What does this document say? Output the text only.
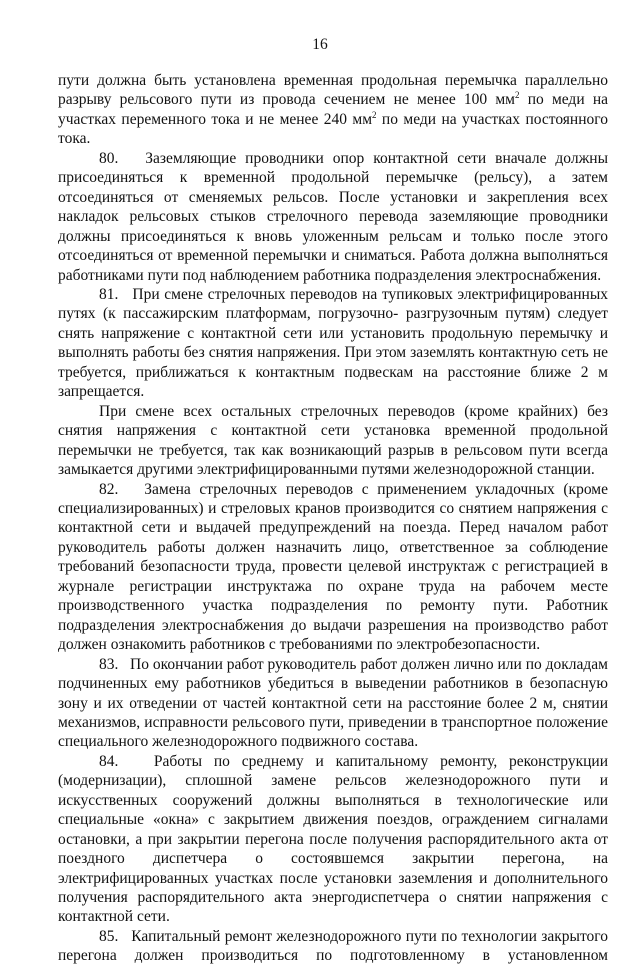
16

пути должна быть установлена временная продольная перемычка параллельно разрыву рельсового пути из провода сечением не менее 100 $мм^2$ по меди на участках переменного тока и не менее 240 $мм^2$ по меди на участках постоянного тока.

80.   Заземляющие проводники опор контактной сети вначале должны присоединяться к временной продольной перемычке (рельсу), а затем отсоединяться от сменяемых рельсов. После установки и закрепления всех накладок рельсовых стыков стрелочного перевода заземляющие проводники должны присоединяться к вновь уложенным рельсам и только после этого отсоединяться от временной перемычки и сниматься. Работа должна выполняться работниками пути под наблюдением работника подразделения электроснабжения.

81.   При смене стрелочных переводов на тупиковых электрифицированных путях (к пассажирским платформам, погрузочно- разгрузочным путям) следует снять напряжение с контактной сети или установить продольную перемычку и выполнять работы без снятия напряжения. При этом заземлять контактную сеть не требуется, приближаться к контактным подвескам на расстояние ближе 2 м запрещается.

При смене всех остальных стрелочных переводов (кроме крайних) без снятия напряжения с контактной сети установка временной продольной перемычки не требуется, так как возникающий разрыв в рельсовом пути всегда замыкается другими электрифицированными путями железнодорожной станции.

82.   Замена стрелочных переводов с применением укладочных (кроме специализированных) и стреловых кранов производится со снятием напряжения с контактной сети и выдачей предупреждений на поезда. Перед началом работ руководитель работы должен назначить лицо, ответственное за соблюдение требований безопасности труда, провести целевой инструктаж с регистрацией в журнале регистрации инструктажа по охране труда на рабочем месте производственного участка подразделения по ремонту пути. Работник подразделения электроснабжения до выдачи разрешения на производство работ должен ознакомить работников с требованиями по электробезопасности.

83.   По окончании работ руководитель работ должен лично или по докладам подчиненных ему работников убедиться в выведении работников в безопасную зону и их отведении от частей контактной сети на расстояние более 2 м, снятии механизмов, исправности рельсового пути, приведении в транспортное положение специального железнодорожного подвижного состава.

84.   Работы по среднему и капитальному ремонту, реконструкции (модернизации), сплошной замене рельсов железнодорожного пути и искусственных сооружений должны выполняться в технологические или специальные «окна» с закрытием движения поездов, ограждением сигналами остановки, а при закрытии перегона после получения распорядительного акта от поездного диспетчера о состоявшемся закрытии перегона, на электрифицированных участках после установки заземления и дополнительного получения распорядительного акта энергодиспетчера о снятии напряжения с контактной сети.

85.   Капитальный ремонт железнодорожного пути по технологии закрытого перегона должен производиться по подготовленному в установленном
